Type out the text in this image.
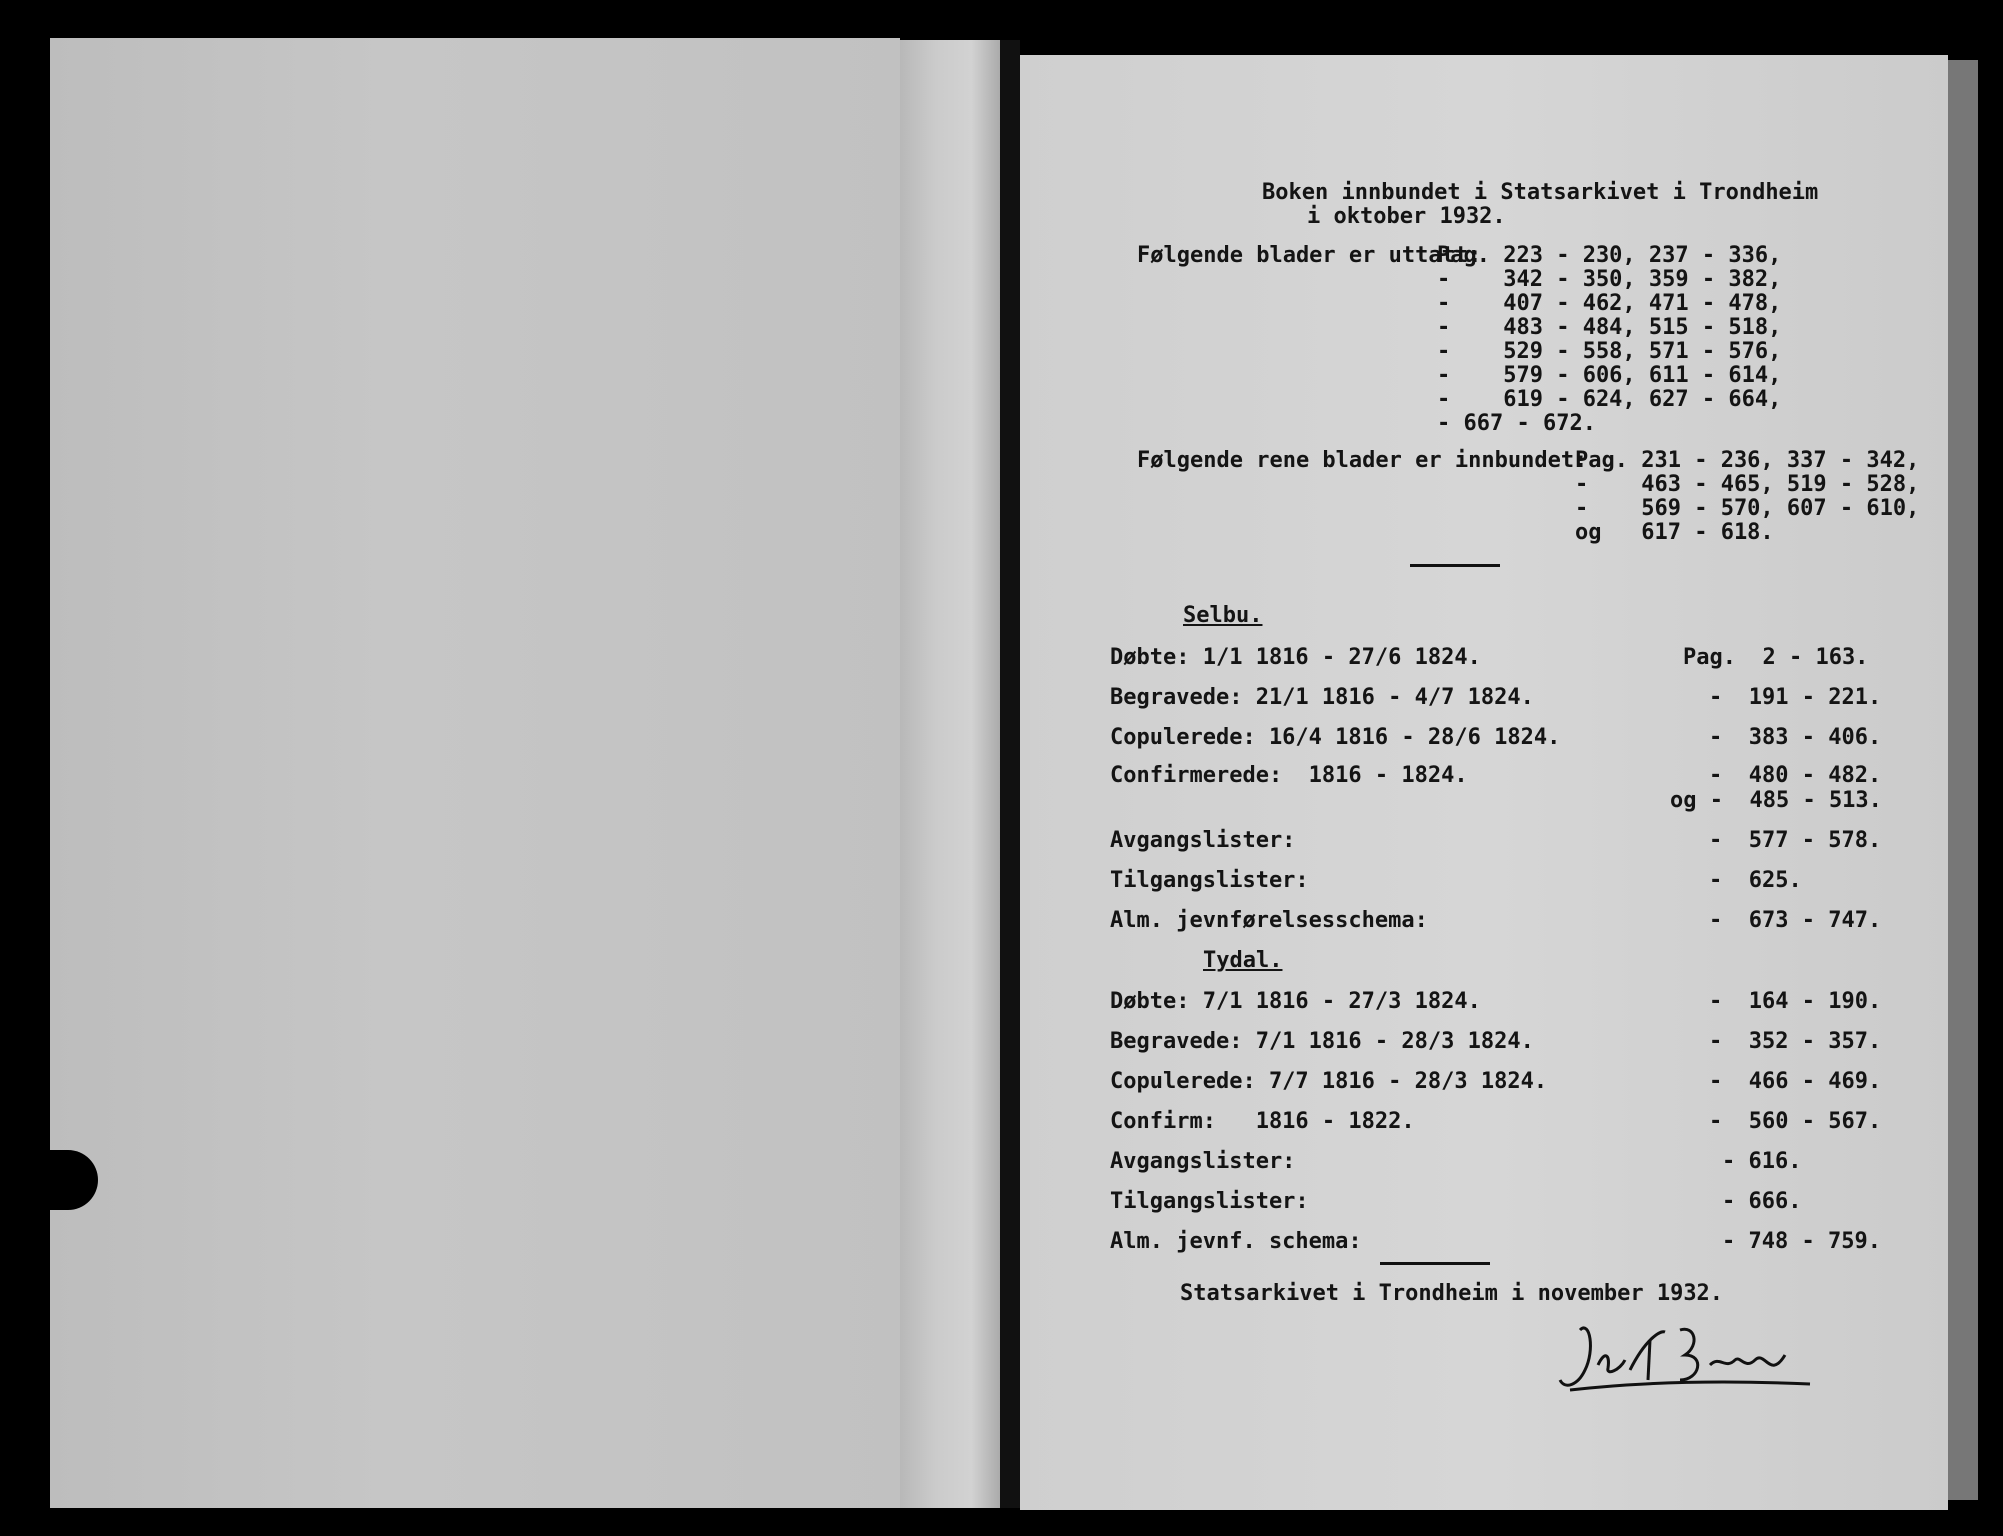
Boken innbundet i Statsarkivet i Trondheim
i oktober 1932.
Følgende blader er uttatt:
Pag. 223 - 230, 237 - 336,
-    342 - 350, 359 - 382,
-    407 - 462, 471 - 478,
-    483 - 484, 515 - 518,
-    529 - 558, 571 - 576,
-    579 - 606, 611 - 614,
-    619 - 624, 627 - 664,
- 667 - 672.
Følgende rene blader er innbundet:
Pag. 231 - 236, 337 - 342,
-    463 - 465, 519 - 528,
-    569 - 570, 607 - 610,
og   617 - 618.
Selbu.
Døbte: 1/1 1816 - 27/6 1824.	Pag.  2 - 163.
Begravede: 21/1 1816 - 4/7 1824.	-  191 - 221.
Copulerede: 16/4 1816 - 28/6 1824.	-  383 - 406.
Confirmerede:  1816 - 1824.	-  480 - 482.
og -  485 - 513.
Avgangslister:	-  577 - 578.
Tilgangslister:	-  625.
Alm. jevnførelsesschema:	-  673 - 747.
Tydal.
Døbte: 7/1 1816 - 27/3 1824.	-  164 - 190.
Begravede: 7/1 1816 - 28/3 1824.	-  352 - 357.
Copulerede: 7/7 1816 - 28/3 1824.	-  466 - 469.
Confirm:   1816 - 1822.	-  560 - 567.
Avgangslister:	- 616.
Tilgangslister:	- 666.
Alm. jevnf. schema:	- 748 - 759.
Statsarkivet i Trondheim i november 1932.
